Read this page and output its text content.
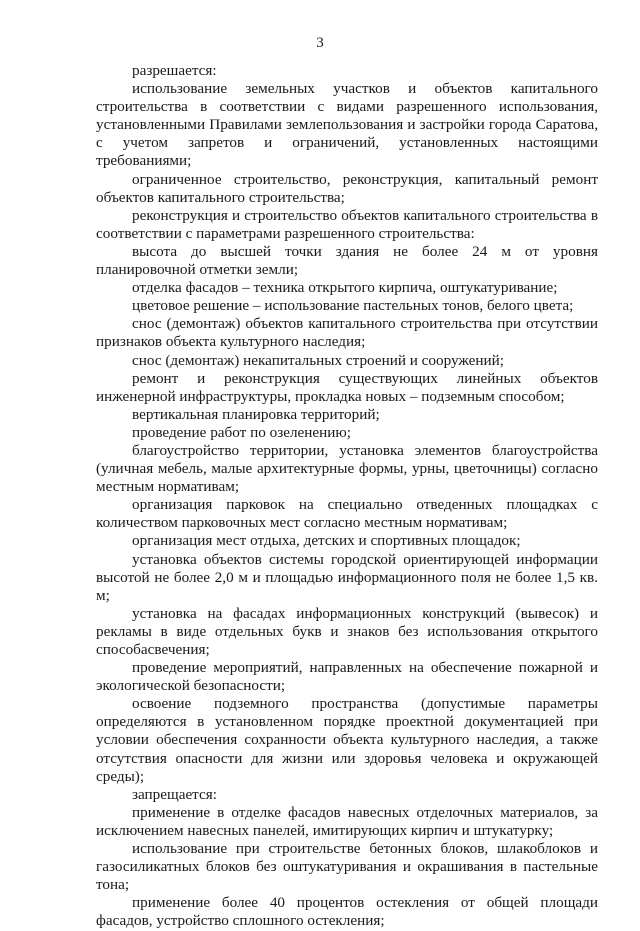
3

разрешается:

использование земельных участков и объектов капитального строительства в соответствии с видами разрешенного использования, установленными Правилами землепользования и застройки города Саратова, с учетом запретов и ограничений, установленных настоящими требованиями;

ограниченное строительство, реконструкция, капитальный ремонт объектов капитального строительства;

реконструкция и строительство объектов капитального строительства в соответствии с параметрами разрешенного строительства:

высота до высшей точки здания не более 24 м от уровня планировочной отметки земли;

отделка фасадов – техника открытого кирпича, оштукатуривание;

цветовое решение – использование пастельных тонов, белого цвета;

снос (демонтаж) объектов капитального строительства при отсутствии признаков объекта культурного наследия;

снос (демонтаж) некапитальных строений и сооружений;

ремонт и реконструкция существующих линейных объектов инженерной инфраструктуры, прокладка новых – подземным способом;

вертикальная планировка территорий;

проведение работ по озеленению;

благоустройство территории, установка элементов благоустройства (уличная мебель, малые архитектурные формы, урны, цветочницы) согласно местным нормативам;

организация парковок на специально отведенных площадках с количеством парковочных мест согласно местным нормативам;

организация мест отдыха, детских и спортивных площадок;

установка объектов системы городской ориентирующей информации высотой не более 2,0 м и площадью информационного поля не более 1,5 кв. м;

установка на фасадах информационных конструкций (вывесок) и рекламы в виде отдельных букв и знаков без использования открытого способасвечения;

проведение мероприятий, направленных на обеспечение пожарной и экологической безопасности;

освоение подземного пространства (допустимые параметры определяются в установленном порядке проектной документацией при условии обеспечения сохранности объекта культурного наследия, а также отсутствия опасности для жизни или здоровья человека и окружающей среды);

запрещается:

применение в отделке фасадов навесных отделочных материалов, за исключением навесных панелей, имитирующих кирпич и штукатурку;

использование при строительстве бетонных блоков, шлакоблоков и газосиликатных блоков без оштукатуривания и окрашивания в пастельные тона;

применение более 40 процентов остекления от общей площади фасадов, устройство сплошного остекления;
